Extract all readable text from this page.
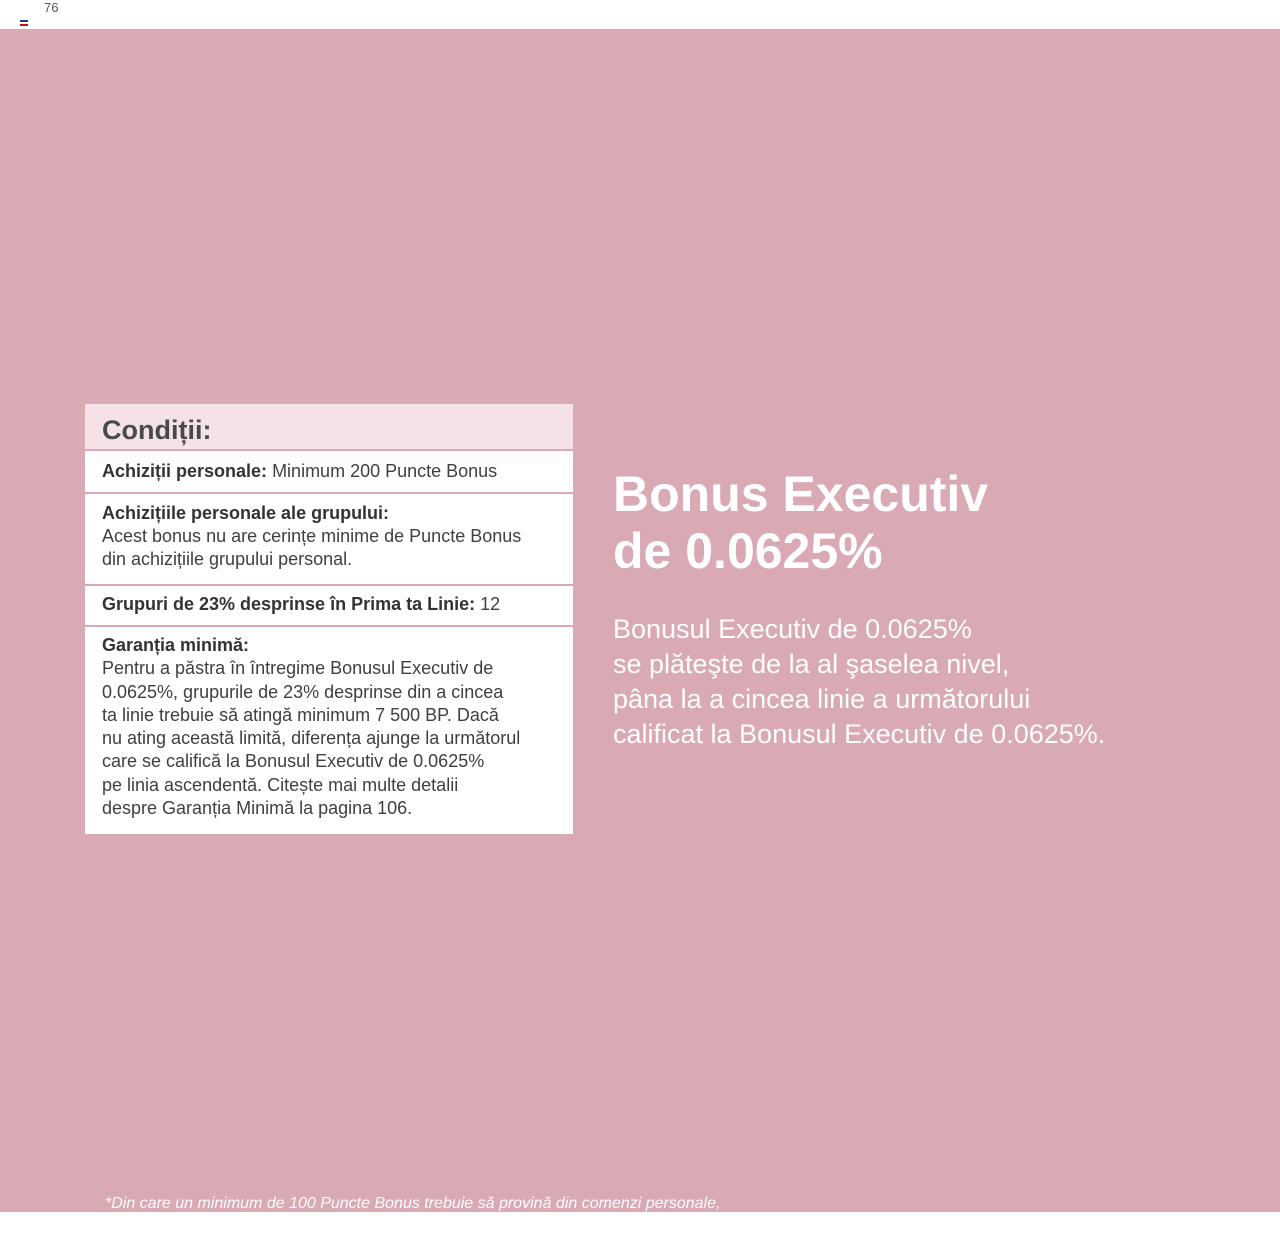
76
Condiții:
Achiziții personale: Minimum 200 Puncte Bonus

Achizițiile personale ale grupului:

Acest bonus nu are cerințe minime de Puncte Bonus

din achizițiile grupului personal.

Grupuri de 23% desprinse în Prima ta Linie: 12

Garanția minimă:

Pentru a păstra în întregime Bonusul Executiv de

0.0625%, grupurile de 23% desprinse din a cincea

ta linie trebuie să atingă minimum 7 500 BP. Dacă

nu ating această limită, diferența ajunge la următorul

care se califică la Bonusul Executiv de 0.0625%

pe linia ascendentă. Citește mai multe detalii

despre Garanția Minimă la pagina 106.

Bonus Executiv
de 0.0625%
Bonusul Executiv de 0.0625%
se plăteşte de la al şaselea nivel,
pâna la a cincea linie a următorului
calificat la Bonusul Executiv de 0.0625%.
*Din care un minimum de 100 Puncte Bonus trebuie să provină din comenzi personale,
restul de 100 Puncte Bonus din comenzile celor sponsorizați de tine direct*
